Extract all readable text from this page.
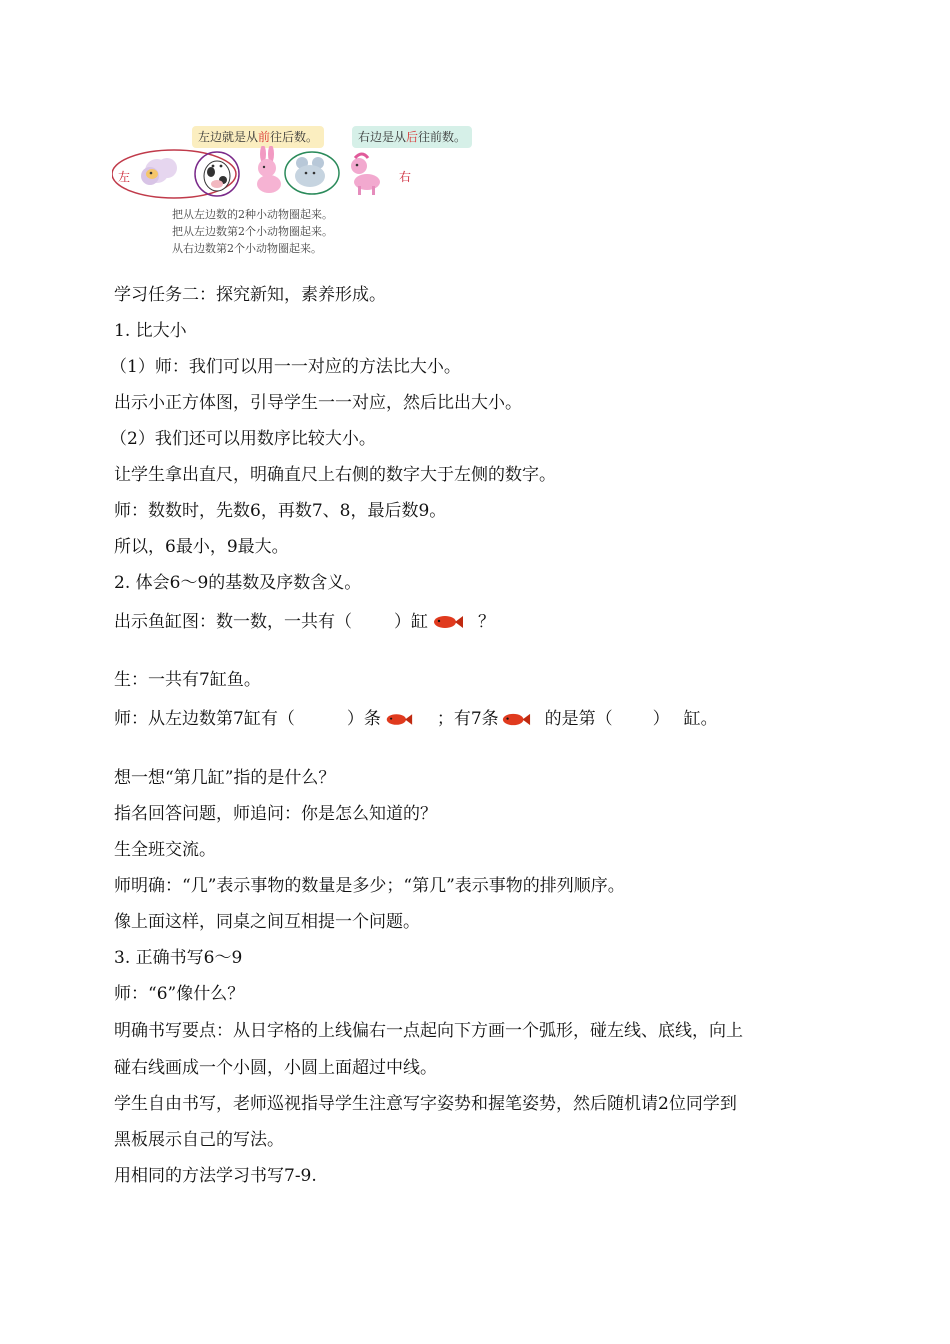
左边就是从前往后数。	右边是从后往前数。
左	右
把从左边数的2种小动物圈起来。
把从左边数第2个小动物圈起来。
从右边数第2个小动物圈起来。
学习任务二：探究新知，素养形成。
1. 比大小
（1）师：我们可以用一一对应的方法比大小。
出示小正方体图，引导学生一一对应，然后比出大小。
（2）我们还可以用数序比较大小。
让学生拿出直尺，明确直尺上右侧的数字大于左侧的数字。
师：数数时，先数6，再数7、8，最后数9。
所以，6最小，9最大。
2. 体会6～9的基数及序数含义。
出示鱼缸图：数一数，一共有（ ）缸	？
生：一共有7缸鱼。
师：从左边数第7缸有（	）条	；有7条	的是第（ ） 缸。
想一想“第几缸”指的是什么？
指名回答问题，师追问：你是怎么知道的？
生全班交流。
师明确：“几”表示事物的数量是多少；“第几”表示事物的排列顺序。
像上面这样，同桌之间互相提一个问题。
3. 正确书写6～9
师：“6”像什么？
明确书写要点：从日字格的上线偏右一点起向下方画一个弧形，碰左线、底线，向上
碰右线画成一个小圆，小圆上面超过中线。
学生自由书写，老师巡视指导学生注意写字姿势和握笔姿势，然后随机请2位同学到
黑板展示自己的写法。
用相同的方法学习书写7-9.
